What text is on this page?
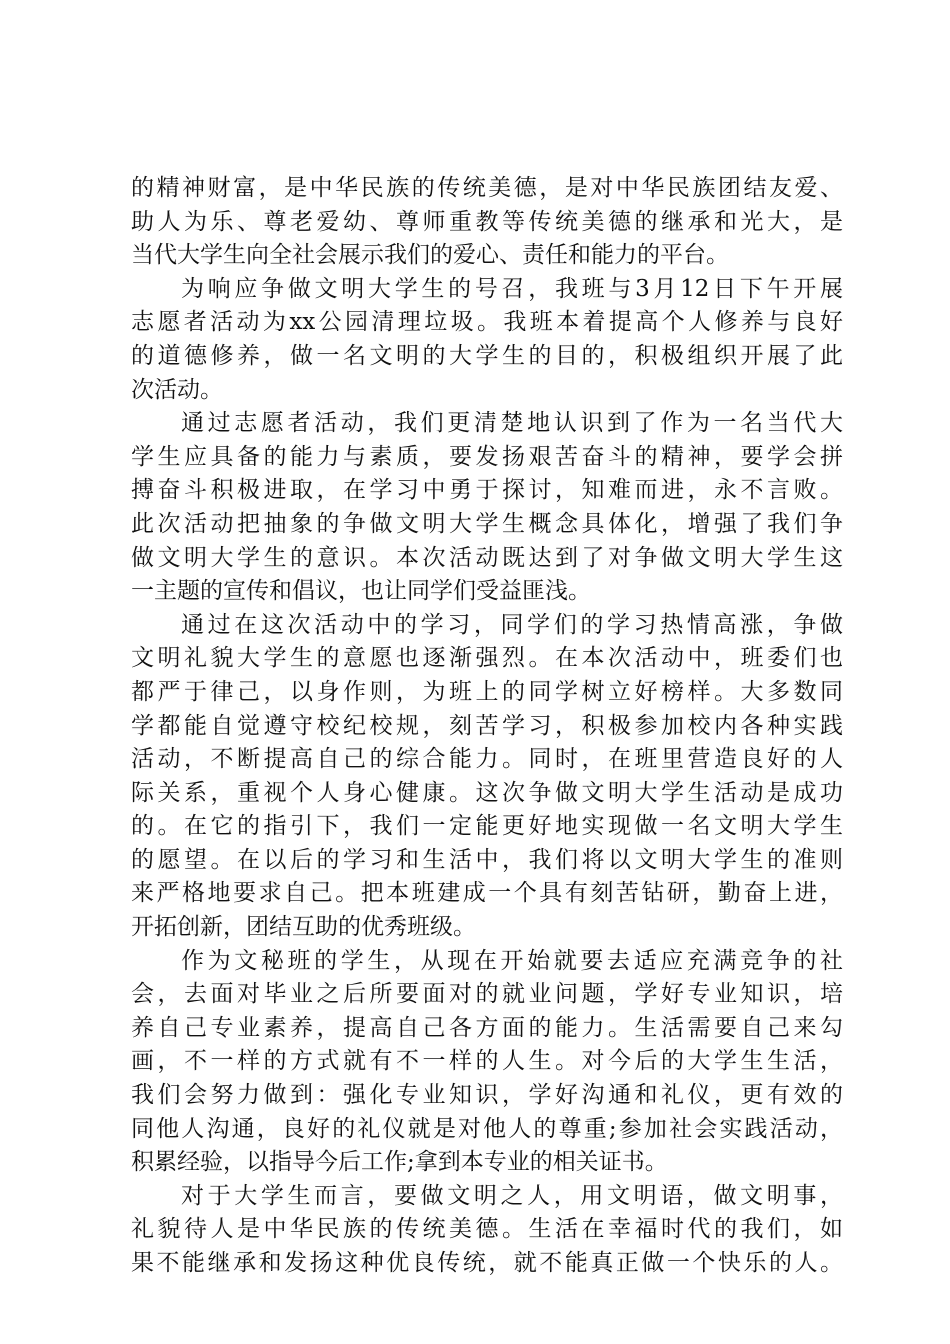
的精神财富，是中华民族的传统美德，是对中华民族团结友爱、
助人为乐、尊老爱幼、尊师重教等传统美德的继承和光大，是
当代大学生向全社会展示我们的爱心、责任和能力的平台。
为响应争做文明大学生的号召，我班与3月12日下午开展
志愿者活动为xx公园清理垃圾。我班本着提高个人修养与良好
的道德修养，做一名文明的大学生的目的，积极组织开展了此
次活动。
通过志愿者活动，我们更清楚地认识到了作为一名当代大
学生应具备的能力与素质，要发扬艰苦奋斗的精神，要学会拼
搏奋斗积极进取，在学习中勇于探讨，知难而进，永不言败。
此次活动把抽象的争做文明大学生概念具体化，增强了我们争
做文明大学生的意识。本次活动既达到了对争做文明大学生这
一主题的宣传和倡议，也让同学们受益匪浅。
通过在这次活动中的学习，同学们的学习热情高涨，争做
文明礼貌大学生的意愿也逐渐强烈。在本次活动中，班委们也
都严于律己，以身作则，为班上的同学树立好榜样。大多数同
学都能自觉遵守校纪校规，刻苦学习，积极参加校内各种实践
活动，不断提高自己的综合能力。同时，在班里营造良好的人
际关系，重视个人身心健康。这次争做文明大学生活动是成功
的。在它的指引下，我们一定能更好地实现做一名文明大学生
的愿望。在以后的学习和生活中，我们将以文明大学生的准则
来严格地要求自己。把本班建成一个具有刻苦钻研，勤奋上进，
开拓创新，团结互助的优秀班级。
作为文秘班的学生，从现在开始就要去适应充满竞争的社
会，去面对毕业之后所要面对的就业问题，学好专业知识，培
养自己专业素养，提高自己各方面的能力。生活需要自己来勾
画，不一样的方式就有不一样的人生。对今后的大学生生活，
我们会努力做到：强化专业知识，学好沟通和礼仪，更有效的
同他人沟通，良好的礼仪就是对他人的尊重;参加社会实践活动，
积累经验，以指导今后工作;拿到本专业的相关证书。
对于大学生而言，要做文明之人，用文明语，做文明事，
礼貌待人是中华民族的传统美德。生活在幸福时代的我们，如
果不能继承和发扬这种优良传统，就不能真正做一个快乐的人。
